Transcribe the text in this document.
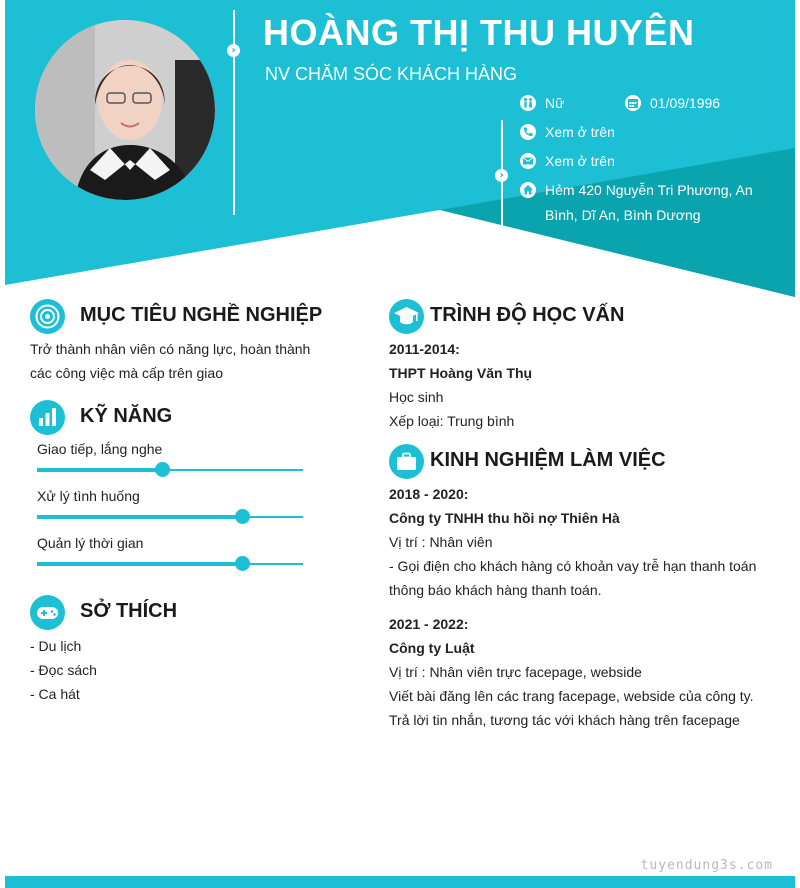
› HOÀNG THỊ THU HUYÊN
NV CHĂM SÓC KHÁCH HÀNG
›
Nữ	01/09/1996
Xem ở trên
Xem ở trên
Hẻm 420 Nguyễn Tri Phương, An
Bình, Dĩ An, Bình Dương
MỤC TIÊU NGHỀ NGHIỆP
Trở thành nhân viên có năng lực, hoàn thành
các công việc mà cấp trên giao
KỸ NĂNG
Giao tiếp, lắng nghe
Xử lý tình huống
Quản lý thời gian
SỞ THÍCH
- Du lịch
- Đọc sách
- Ca hát
TRÌNH ĐỘ HỌC VẤN
2011-2014:
THPT Hoàng Văn Thụ
Học sinh
Xếp loại: Trung bình
KINH NGHIỆM LÀM VIỆC
2018 - 2020:
Công ty TNHH thu hồi nợ Thiên Hà
Vị trí : Nhân viên
- Gọi điện cho khách hàng có khoản vay trễ hạn thanh toán
thông báo khách hàng thanh toán.
2021 - 2022:
Công ty Luật
Vị trí : Nhân viên trực facepage, webside
Viết bài đăng lên các trang facepage, webside của công ty.
Trả lời tin nhắn, tương tác với khách hàng trên facepage
tuyendung3s.com
